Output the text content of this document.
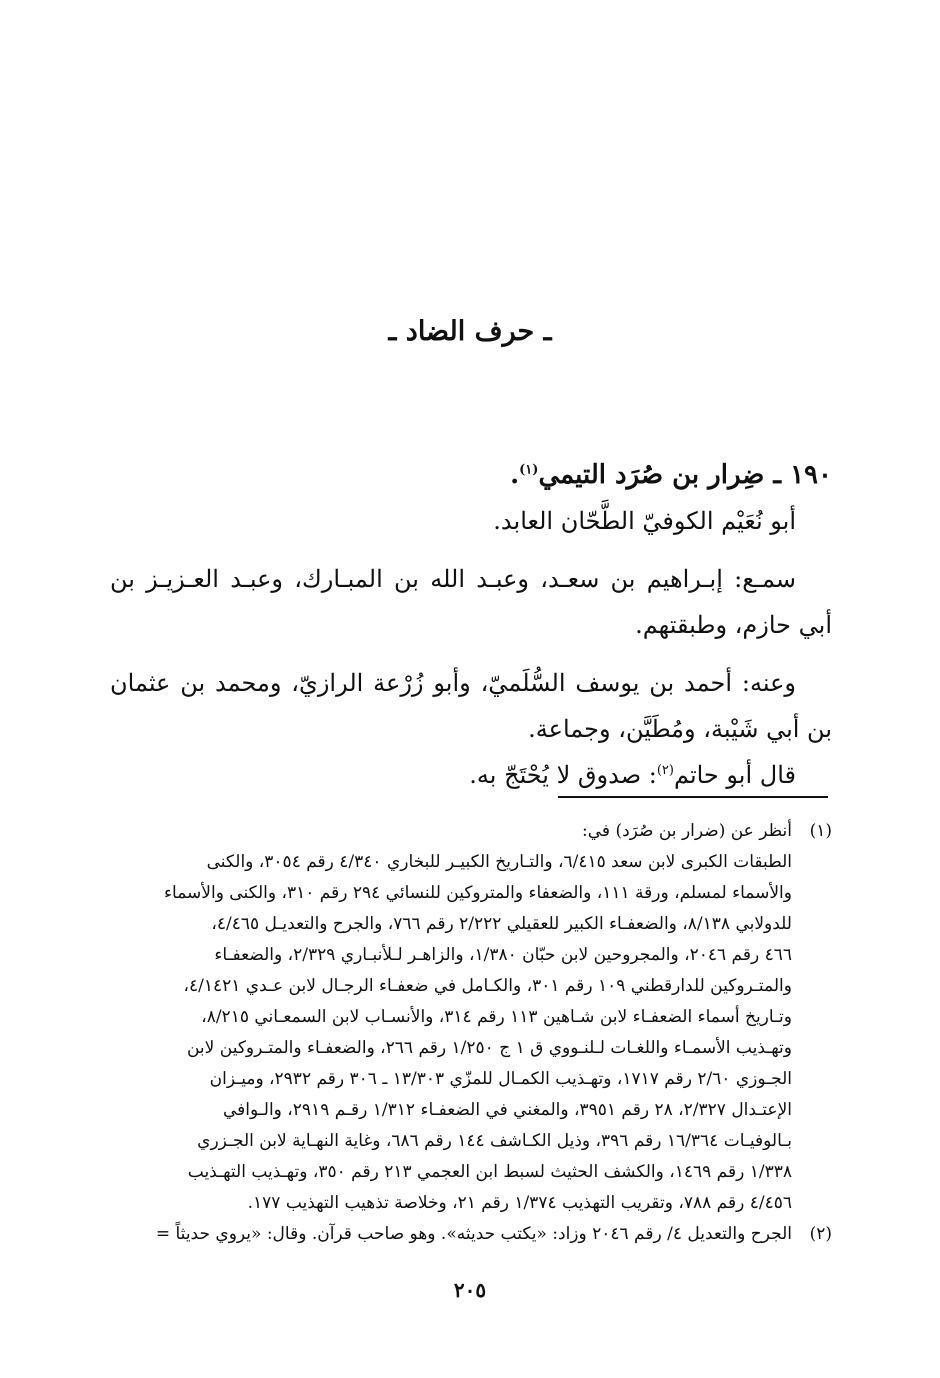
ـ حرف الضاد ـ

١٩٠ ـ ضِرار بن صُرَد التيمي$^{(١)}$.

أبو نُعَيْم الكوفيّ الطَّحّان العابد.

سمـع: إبـراهيم بن سعـد، وعبـد الله بن المبـارك، وعبـد العـزيـز بن أبي حازم، وطبقتهم.

وعنه: أحمد بن يوسف السُّلَميّ، وأبو زُرْعة الرازيّ، ومحمد بن عثمان بن أبي شَيْبة، ومُطَيَّن، وجماعة.

قال أبو حاتم$^{(٢)}$: صدوق لا يُحْتَجّ به.

(١)
أنظر عن (ضرار بن صُرَد) في:
الطبقات الكبرى لابن سعد ٦/٤١٥، والتـاريخ الكبيـر للبخاري ٤/٣٤٠ رقم ٣٠٥٤، والكنى
والأسماء لمسلم، ورقة ١١١، والضعفاء والمتروكين للنسائي ٢٩٤ رقم ٣١٠، والكنى والأسماء
للدولابي ٨/١٣٨، والضعفـاء الكبير للعقيلي ٢/٢٢٢ رقم ٧٦٦، والجرح والتعديـل ٤/٤٦٥،
٤٦٦ رقم ٢٠٤٦، والمجروحين لابن حبّان ١/٣٨٠، والزاهـر لـلأنبـاري ٢/٣٢٩، والضعفـاء
والمتـروكين للدارقطني ١٠٩ رقم ٣٠١، والكـامل في ضعفـاء الرجـال لابن عـدي ٤/١٤٢١،
وتـاريخ أسماء الضعفـاء لابن شـاهين ١١٣ رقم ٣١٤، والأنسـاب لابن السمعـاني ٨/٢١٥،
وتهـذيب الأسمـاء واللغـات لـلنـووي ق ١ ج ١/٢٥٠ رقم ٢٦٦، والضعفـاء والمتـروكين لابن
الجـوزي ٢/٦٠ رقم ١٧١٧، وتهـذيب الكمـال للمزّي ١٣/٣٠٣ ـ ٣٠٦ رقم ٢٩٣٢، وميـزان
الإعتـدال ٢/٣٢٧، ٢٨ رقم ٣٩٥١، والمغني في الضعفـاء ١/٣١٢ رقـم ٢٩١٩، والـوافي
بـالوفيـات ١٦/٣٦٤ رقم ٣٩٦، وذيل الكـاشف ١٤٤ رقم ٦٨٦، وغاية النهـاية لابن الجـزري
١/٣٣٨ رقم ١٤٦٩، والكشف الحثيث لسبط ابن العجمي ٢١٣ رقم ٣٥٠، وتهـذيب التهـذيب
٤/٤٥٦ رقم ٧٨٨، وتقريب التهذيب ١/٣٧٤ رقم ٢١، وخلاصة تذهيب التهذيب ١٧٧.
(٢)
الجرح والتعديل ٤/ رقم ٢٠٤٦ وزاد: «يكتب حديثه». وهو صاحب قرآن. وقال: «يروي حديثاً =

٢٠٥
